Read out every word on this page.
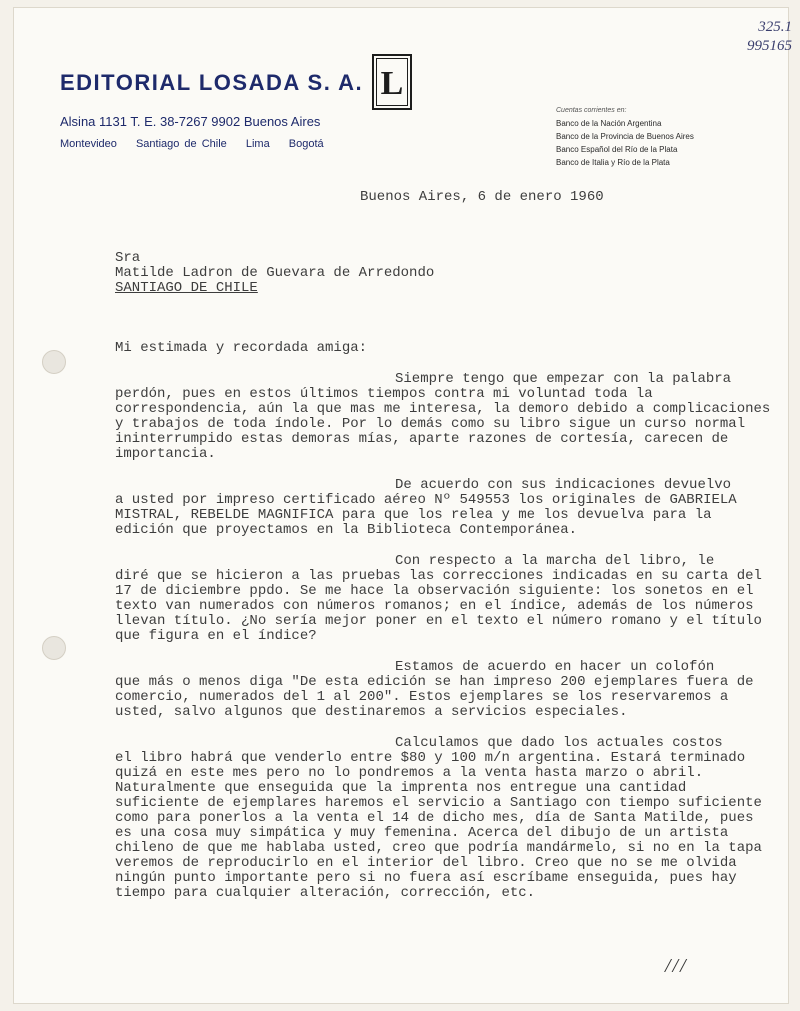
325.1
995165
EDITORIAL LOSADA S. A. L
Alsina 1131 T. E. 38-7267 9902 Buenos Aires
Montevideo Santiago de Chile Lima Bogotá
Cuentas corrientes en:
Banco de la Nación Argentina
Banco de la Provincia de Buenos Aires
Banco Español del Río de la Plata
Banco de Italia y Río de la Plata

Buenos Aires, 6 de enero 1960

Sra

Matilde Ladron de Guevara de Arredondo

SANTIAGO DE CHILE

Mi estimada y recordada amiga:

Siempre tengo que empezar con la palabra
perdón, pues en estos últimos tiempos contra mi voluntad toda la correspondencia, aún la que mas me interesa, la demoro debido a complicaciones y trabajos de toda índole. Por lo demás como su libro sigue un curso normal ininterrumpido estas demoras mías, aparte razones de cortesía, carecen de importancia.

De acuerdo con sus indicaciones devuelvo
a usted por impreso certificado aéreo Nº 549553 los originales de GABRIELA MISTRAL, REBELDE MAGNIFICA para que los relea y me los devuelva para la edición que proyectamos en la Biblioteca Contemporánea.

Con respecto a la marcha del libro, le
diré que se hicieron a las pruebas las correcciones indicadas en su carta del 17 de diciembre ppdo. Se me hace la observación siguiente: los sonetos en el texto van numerados con números romanos; en el índice, además de los números llevan título. ¿No sería mejor poner en el texto el número romano y el título que figura en el índice?

Estamos de acuerdo en hacer un colofón
que más o menos diga "De esta edición se han impreso 200 ejemplares fuera de comercio, numerados del 1 al 200". Estos ejemplares se los reservaremos a usted, salvo algunos que destinaremos a servicios especiales.

Calculamos que dado los actuales costos
el libro habrá que venderlo entre $80 y 100 m/n argentina. Estará terminado quizá en este mes pero no lo pondremos a la venta hasta marzo o abril. Naturalmente que enseguida que la imprenta nos entregue una cantidad suficiente de ejemplares haremos el servicio a Santiago con tiempo suficiente como para ponerlos a la venta el 14 de dicho mes, día de Santa Matilde, pues es una cosa muy simpática y muy femenina. Acerca del dibujo de un artista chileno de que me hablaba usted, creo que podría mandármelo, si no en la tapa veremos de reproducirlo en el interior del libro. Creo que no se me olvida ningún punto importante pero si no fuera así escríbame enseguida, pues hay tiempo para cualquier alteración, corrección, etc.

///
